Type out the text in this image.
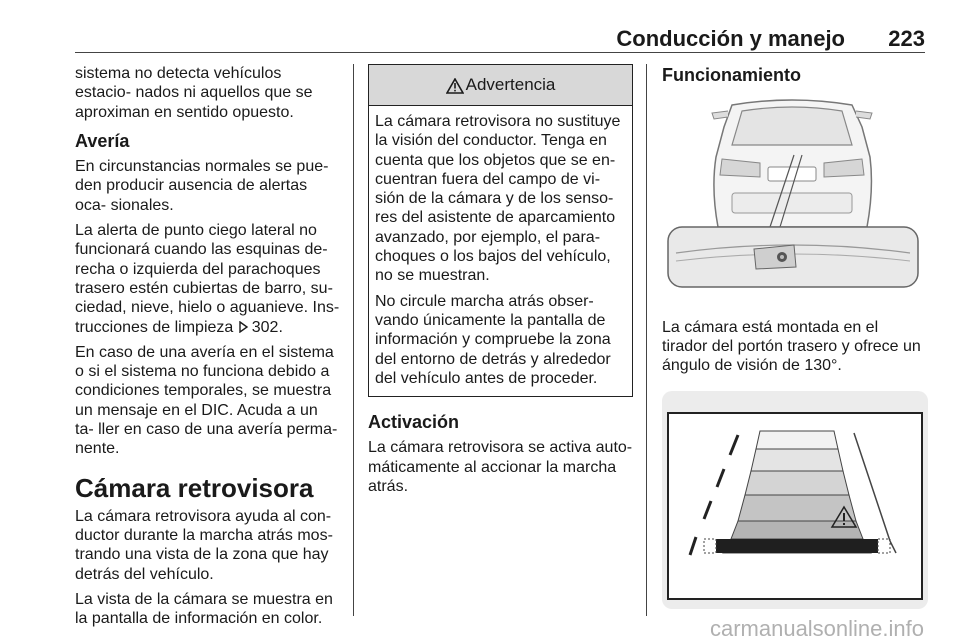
Conducción y manejo 223

sistema no detecta vehículos estacio- nados ni aquellos que se aproximan en sentido opuesto.

Avería

En circunstancias normales se pue- den producir ausencia de alertas oca- sionales.

La alerta de punto ciego lateral no funcionará cuando las esquinas de- recha o izquierda del parachoques trasero estén cubiertas de barro, su- ciedad, nieve, hielo o aguanieve. Ins- trucciones de limpieza 302.

En caso de una avería en el sistema o si el sistema no funciona debido a condiciones temporales, se muestra un mensaje en el DIC. Acuda a un ta- ller en caso de una avería perma- nente.

Cámara retrovisora

La cámara retrovisora ayuda al con- ductor durante la marcha atrás mos- trando una vista de la zona que hay detrás del vehículo.

La vista de la cámara se muestra en la pantalla de información en color.

Advertencia

La cámara retrovisora no sustituye la visión del conductor. Tenga en cuenta que los objetos que se en- cuentran fuera del campo de vi- sión de la cámara y de los senso- res del asistente de aparcamiento avanzado, por ejemplo, el para- choques o los bajos del vehículo, no se muestran.

No circule marcha atrás obser- vando únicamente la pantalla de información y compruebe la zona del entorno de detrás y alrededor del vehículo antes de proceder.

Activación

La cámara retrovisora se activa auto- máticamente al accionar la marcha atrás.

Funcionamiento

La cámara está montada en el tirador del portón trasero y ofrece un ángulo de visión de 130°.

carmanualsonline.info
